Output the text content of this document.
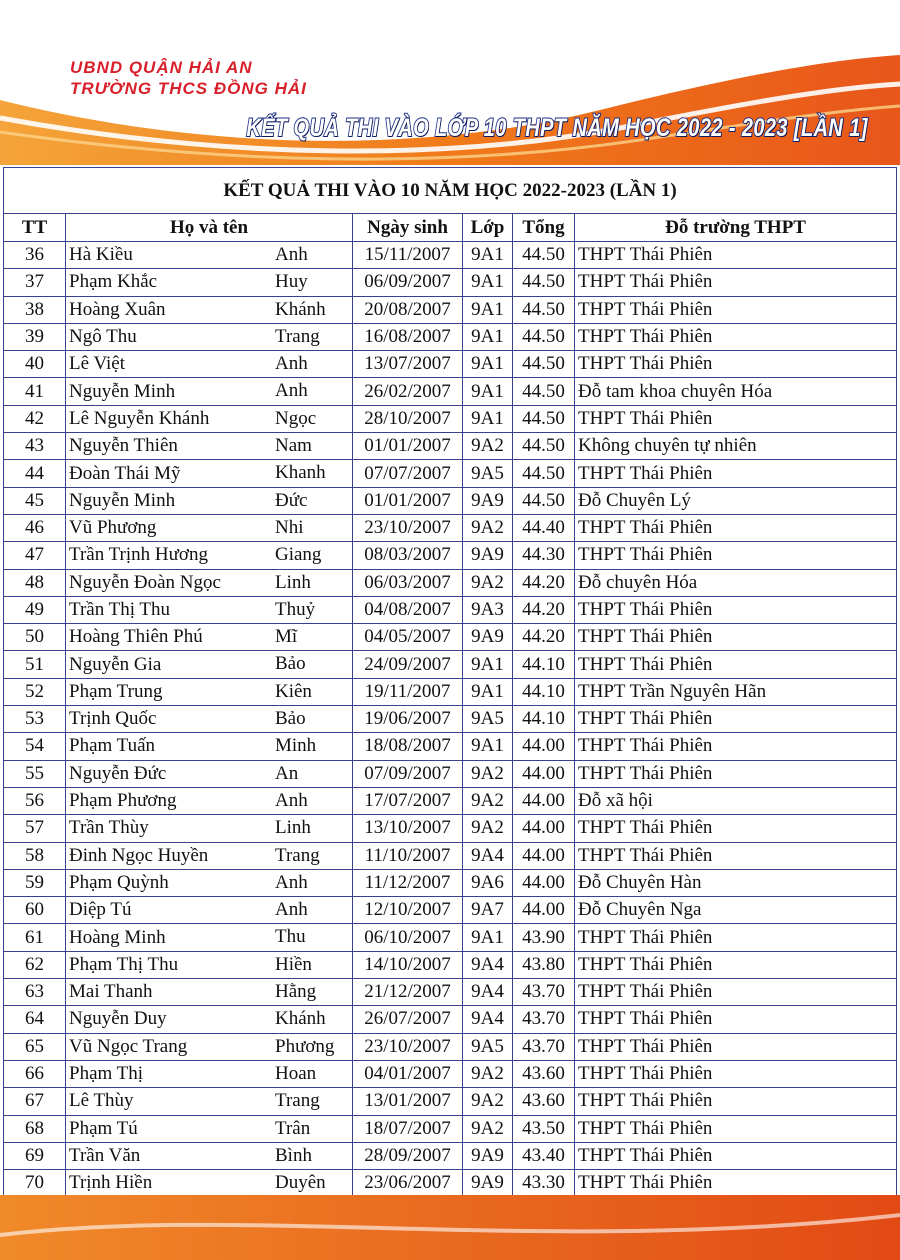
UBND QUẬN HẢI AN
TRƯỜNG THCS ĐỒNG HẢI
KẾT QUẢ THI VÀO LỚP 10 THPT NĂM HỌC 2022 - 2023 [LẦN 1]
KẾT QUẢ THI VÀO 10 NĂM HỌC 2022-2023 (LẦN 1)					
TT	Họ và tên	Ngày sinh	Lớp	Tổng	Đỗ trường THPT
36	Hà Kiều Anh	15/11/2007	9A1	44.50	THPT Thái Phiên
37	Phạm Khắc Huy	06/09/2007	9A1	44.50	THPT Thái Phiên
38	Hoàng Xuân Khánh	20/08/2007	9A1	44.50	THPT Thái Phiên
39	Ngô Thu Trang	16/08/2007	9A1	44.50	THPT Thái Phiên
40	Lê Việt Anh	13/07/2007	9A1	44.50	THPT Thái Phiên
41	Nguyễn Minh Anh	26/02/2007	9A1	44.50	Đỗ tam khoa chuyên Hóa
42	Lê Nguyễn Khánh Ngọc	28/10/2007	9A1	44.50	THPT Thái Phiên
43	Nguyễn Thiên Nam	01/01/2007	9A2	44.50	Không chuyên tự nhiên
44	Đoàn Thái Mỹ Khanh	07/07/2007	9A5	44.50	THPT Thái Phiên
45	Nguyễn Minh Đức	01/01/2007	9A9	44.50	Đỗ Chuyên Lý
46	Vũ Phương Nhi	23/10/2007	9A2	44.40	THPT Thái Phiên
47	Trần Trịnh Hương Giang	08/03/2007	9A9	44.30	THPT Thái Phiên
48	Nguyễn Đoàn Ngọc Linh	06/03/2007	9A2	44.20	Đỗ chuyên Hóa
49	Trần Thị Thu Thuỷ	04/08/2007	9A3	44.20	THPT Thái Phiên
50	Hoàng Thiên Phú Mĩ	04/05/2007	9A9	44.20	THPT Thái Phiên
51	Nguyễn Gia Bảo	24/09/2007	9A1	44.10	THPT Thái Phiên
52	Phạm Trung Kiên	19/11/2007	9A1	44.10	THPT Trần Nguyên Hãn
53	Trịnh Quốc Bảo	19/06/2007	9A5	44.10	THPT Thái Phiên
54	Phạm Tuấn Minh	18/08/2007	9A1	44.00	THPT Thái Phiên
55	Nguyễn Đức An	07/09/2007	9A2	44.00	THPT Thái Phiên
56	Phạm Phương Anh	17/07/2007	9A2	44.00	Đỗ xã hội
57	Trần Thùy Linh	13/10/2007	9A2	44.00	THPT Thái Phiên
58	Đinh Ngọc Huyền Trang	11/10/2007	9A4	44.00	THPT Thái Phiên
59	Phạm Quỳnh Anh	11/12/2007	9A6	44.00	Đỗ Chuyên Hàn
60	Diệp Tú Anh	12/10/2007	9A7	44.00	Đỗ Chuyên Nga
61	Hoàng Minh Thu	06/10/2007	9A1	43.90	THPT Thái Phiên
62	Phạm Thị Thu Hiền	14/10/2007	9A4	43.80	THPT Thái Phiên
63	Mai Thanh Hằng	21/12/2007	9A4	43.70	THPT Thái Phiên
64	Nguyễn Duy Khánh	26/07/2007	9A4	43.70	THPT Thái Phiên
65	Vũ Ngọc Trang Phương	23/10/2007	9A5	43.70	THPT Thái Phiên
66	Phạm Thị Hoan	04/01/2007	9A2	43.60	THPT Thái Phiên
67	Lê Thùy Trang	13/01/2007	9A2	43.60	THPT Thái Phiên
68	Phạm Tú Trân	18/07/2007	9A2	43.50	THPT Thái Phiên
69	Trần Văn Bình	28/09/2007	9A9	43.40	THPT Thái Phiên
70	Trịnh Hiền Duyên	23/06/2007	9A9	43.30	THPT Thái Phiên
